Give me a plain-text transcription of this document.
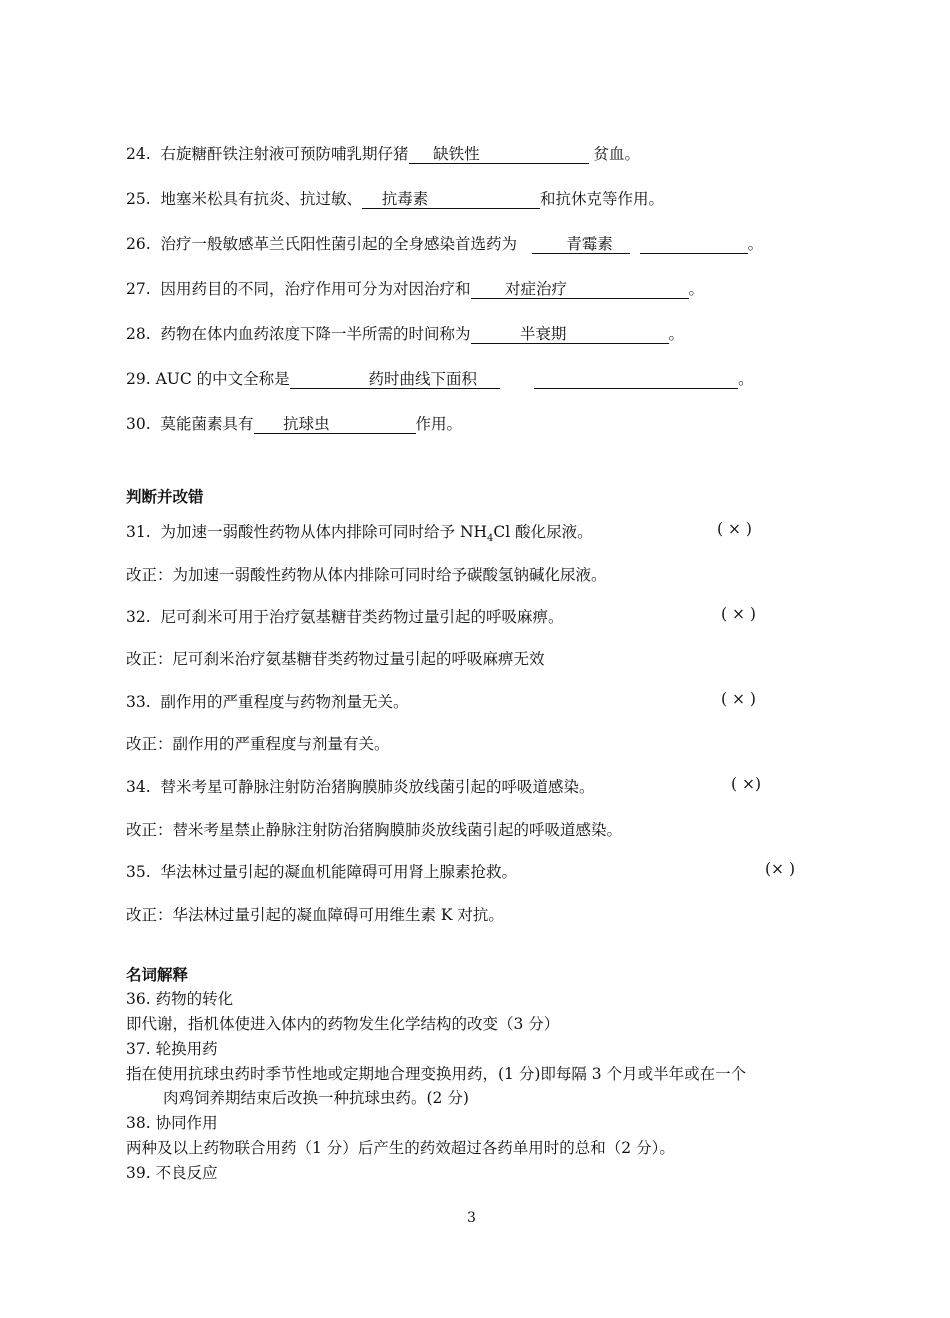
24. 右旋糖酐铁注射液可预防哺乳期仔猪 缺铁性	贫血。
25. 地塞米松具有抗炎、抗过敏、 抗毒素	和抗休克等作用。
26. 治疗一般敏感革兰氏阳性菌引起的全身感染首选药为	青霉素	。
27. 因用药目的不同，治疗作用可分为对因治疗和 对症治疗	。
28. 药物在体内血药浓度下降一半所需的时间称为	半衰期	。
29. AUC 的中文全称是	药时曲线下面积	。
30. 莫能菌素具有 抗球虫	作用。
判断并改错
31. 为加速一弱酸性药物从体内排除可同时给予 $NH_4Cl$ 酸化尿液。	( × )
改正：为加速一弱酸性药物从体内排除可同时给予碳酸氢钠碱化尿液。
32. 尼可刹米可用于治疗氨基糖苷类药物过量引起的呼吸麻痹。	( × )
改正：尼可刹米治疗氨基糖苷类药物过量引起的呼吸麻痹无效
33. 副作用的严重程度与药物剂量无关。	( × )
改正：副作用的严重程度与剂量有关。
34. 替米考星可静脉注射防治猪胸膜肺炎放线菌引起的呼吸道感染。	( ×)
改正：替米考星禁止静脉注射防治猪胸膜肺炎放线菌引起的呼吸道感染。
35. 华法林过量引起的凝血机能障碍可用肾上腺素抢救。	(× )
改正：华法林过量引起的凝血障碍可用维生素 K 对抗。
名词解释
36. 药物的转化
即代谢，指机体使进入体内的药物发生化学结构的改变（3 分）
37. 轮换用药
指在使用抗球虫药时季节性地或定期地合理变换用药，(1 分)即每隔 3 个月或半年或在一个
肉鸡饲养期结束后改换一种抗球虫药。(2 分)
38. 协同作用
两种及以上药物联合用药（1 分）后产生的药效超过各药单用时的总和（2 分）。
39. 不良反应
3
